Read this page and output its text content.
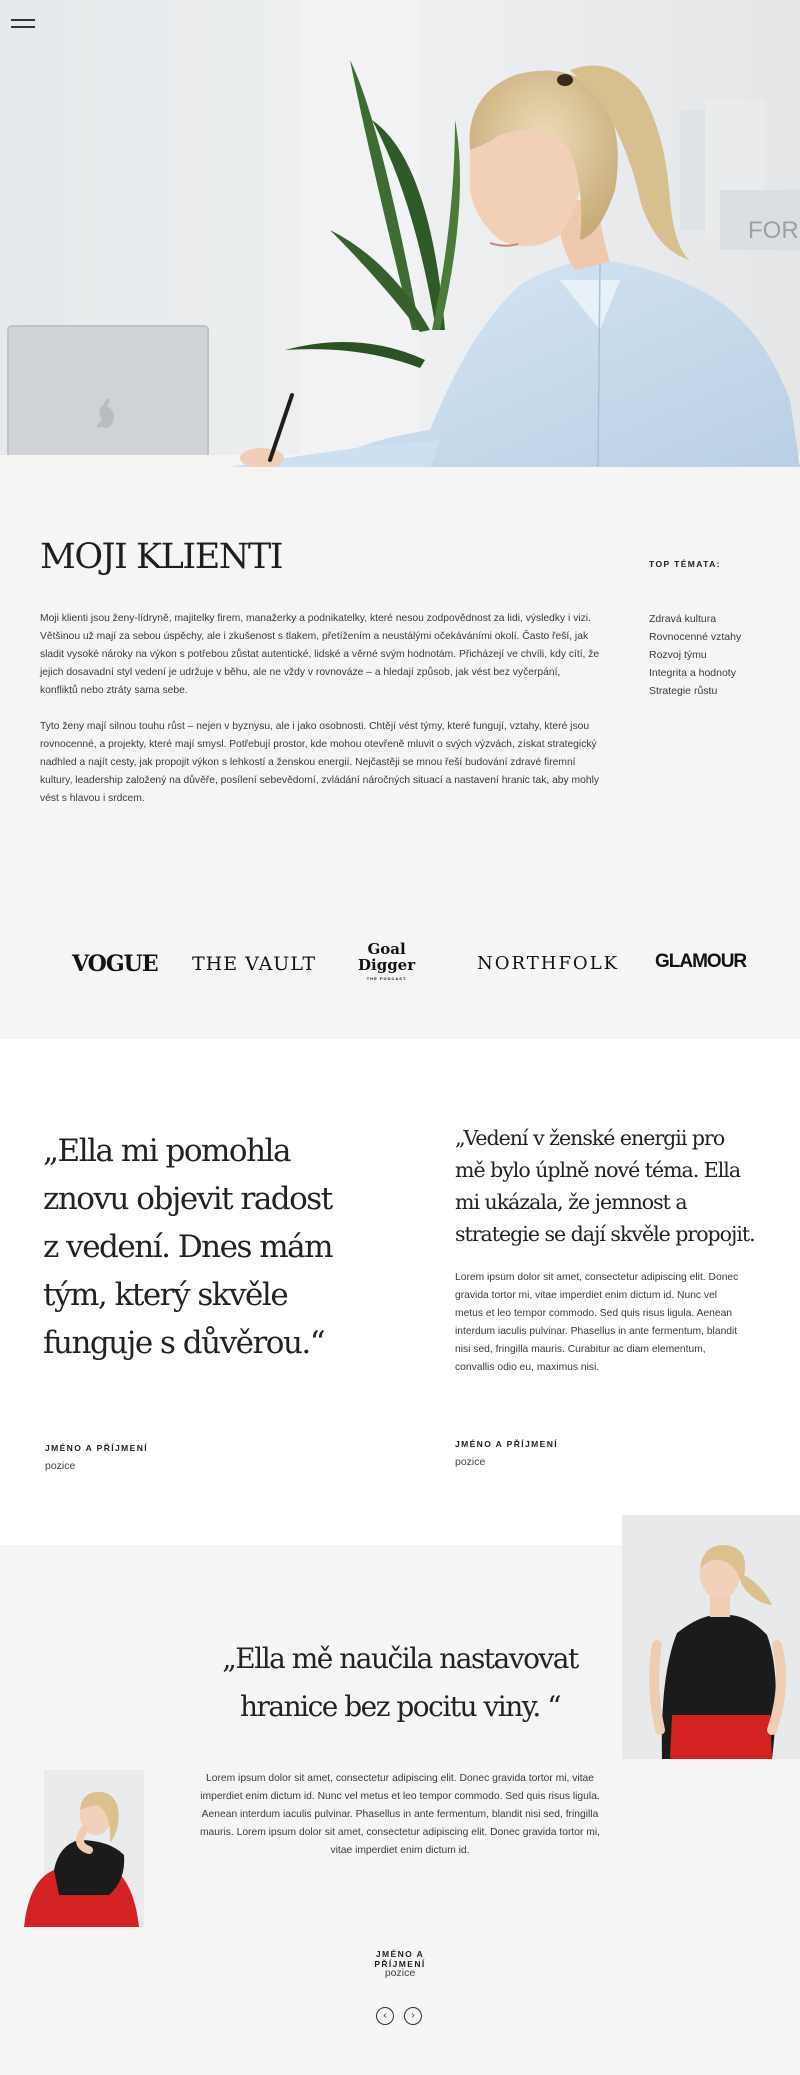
FOR
MOJI KLIENTI

Moji klienti jsou ženy-lídryně, majitelky firem, manažerky a podnikatelky, které nesou zodpovědnost za lidi, výsledky i vizi. Většinou už mají za sebou úspěchy, ale i zkušenost s tlakem, přetížením a neustálými očekáváními okolí. Často řeší, jak sladit vysoké nároky na výkon s potřebou zůstat autentické, lidské a věrné svým hodnotám. Přicházejí ve chvíli, kdy cítí, že jejich dosavadní styl vedení je udržuje v běhu, ale ne vždy v rovnováze – a hledají způsob, jak vést bez vyčerpání, konfliktů nebo ztráty sama sebe.

Tyto ženy mají silnou touhu růst – nejen v byznysu, ale i jako osobnosti. Chtějí vést týmy, které fungují, vztahy, které jsou rovnocenné, a projekty, které mají smysl. Potřebují prostor, kde mohou otevřeně mluvit o svých výzvách, získat strategický nadhled a najít cesty, jak propojit výkon s lehkostí a ženskou energií. Nejčastěji se mnou řeší budování zdravé firemní kultury, leadership založený na důvěře, posílení sebevědomí, zvládání náročných situací a nastavení hranic tak, aby mohly vést s hlavou i srdcem.

TOP TÉMATA:
Zdravá kultura
Rovnocenné vztahy
Rozvoj týmu
Integrita a hodnoty
Strategie růstu
VOGUE THE VAULT
Goal
Digger
THE PODCAST
NORTHFOLK GLAMOUR
„Ella mi pomohla znovu objevit radost z vedení. Dnes mám tým, který skvěle funguje s důvěrou.“
JMÉNO A PŘÍJMENÍ
pozice
„Vedení v ženské energii pro mě bylo úplně nové téma. Ella mi ukázala, že jemnost a strategie se dají skvěle propojit.

Lorem ipsum dolor sit amet, consectetur adipiscing elit. Donec gravida tortor mi, vitae imperdiet enim dictum id. Nunc vel metus et leo tempor commodo. Sed quis risus ligula. Aenean interdum iaculis pulvinar. Phasellus in ante fermentum, blandit nisi sed, fringilla mauris. Curabitur ac diam elementum, convallis odio eu, maximus nisi.

JMÉNO A PŘÍJMENÍ
pozice
„Ella mě naučila nastavovat hranice bez pocitu viny. “

Lorem ipsum dolor sit amet, consectetur adipiscing elit. Donec gravida tortor mi, vitae imperdiet enim dictum id. Nunc vel metus et leo tempor commodo. Sed quis risus ligula. Aenean interdum iaculis pulvinar. Phasellus in ante fermentum, blandit nisi sed, fringilla mauris. Lorem ipsum dolor sit amet, consectetur adipiscing elit. Donec gravida tortor mi, vitae imperdiet enim dictum id.

JMÉNO A PŘÍJMENÍ
pozice
‹	›
